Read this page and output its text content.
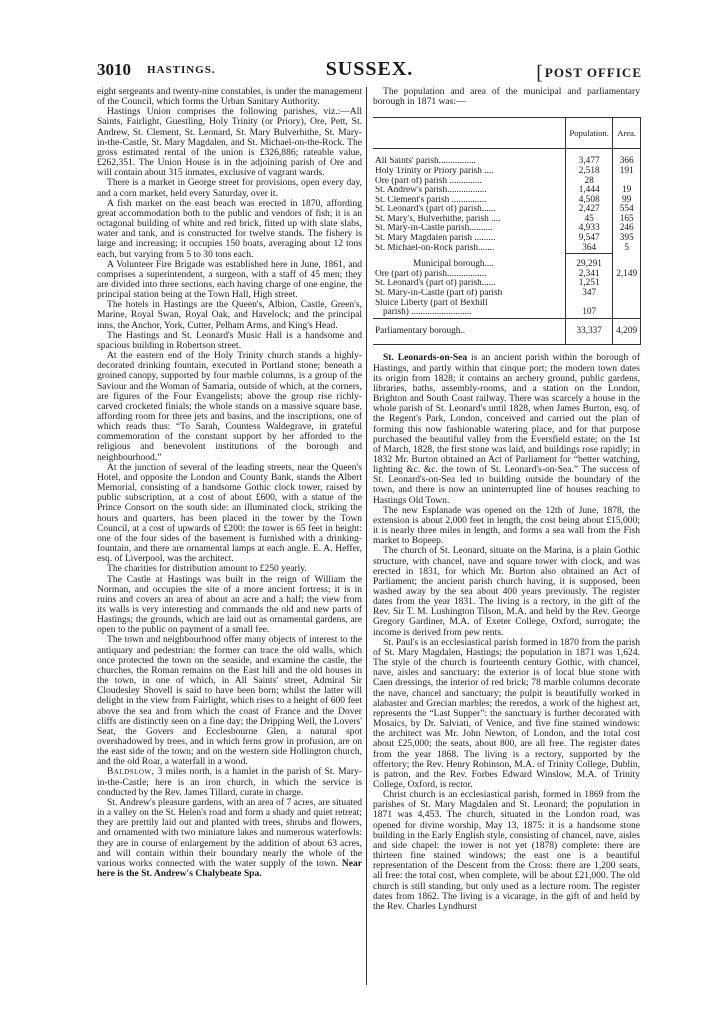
3010 HASTINGS.	SUSSEX.	[POST OFFICE

eight sergeants and twenty-nine constables, is under the management of the Council, which forms the Urban Sanitary Authority.

Hastings Union comprises the following parishes, viz.:—All Saints, Fairlight, Guestling, Holy Trinity (or Priory), Ore, Pett, St. Andrew, St. Clement, St. Leonard, St. Mary Bulverhithe, St. Mary-in-the-Castle, St. Mary Magdalen, and St. Michael-on-the-Rock. The gross estimated rental of the union is £326,886; rateable value, £262,351. The Union House is in the adjoining parish of Ore and will contain about 315 inmates, exclusive of vagrant wards.

There is a market in George street for provisions, open every day, and a corn market, held every Saturday, over it.

A fish market on the east beach was erected in 1870, affording great accommodation both to the public and vendors of fish; it is an octagonal building of white and red brick, fitted up with slate slabs, water and tank, and is constructed for twelve stands. The fishery is large and increasing; it occupies 150 boats, averaging about 12 tons each, but varying from 5 to 30 tons each.

A Volunteer Fire Brigade was established here in June, 1861, and comprises a superintendent, a surgeon, with a staff of 45 men; they are divided into three sections, each having charge of one engine, the principal station being at the Town Hall, High street.

The hotels in Hastings are the Queen's, Albion, Castle, Green's, Marine, Royal Swan, Royal Oak, and Havelock; and the principal inns, the Anchor, York, Cutter, Pelham Arms, and King's Head.

The Hastings and St. Leonard's Music Hall is a handsome and spacious building in Robertson street.

At the eastern end of the Holy Trinity church stands a highly-decorated drinking fountain, executed in Portland stone; beneath a groined canopy, supported by four marble columns, is a group of the Saviour and the Woman of Samaria, outside of which, at the corners, are figures of the Four Evangelists; above the group rise richly-carved crocketed finials; the whole stands on a massive square base, affording room for three jets and basins, and the inscriptions, one of which reads thus: “To Sarah, Countess Waldegrave, in grateful commemoration of the constant support by her afforded to the religious and benevolent institutions of the borough and neighbourhood.”

At the junction of several of the leading streets, near the Queen's Hotel, and opposite the London and County Bank, stands the Albert Memorial, consisting of a handsome Gothic clock tower, raised by public subscription, at a cost of about £600, with a statue of the Prince Consort on the south side: an illuminated clock, striking the hours and quarters, has been placed in the tower by the Town Council, at a cost of upwards of £200: the tower is 65 feet in height: one of the four sides of the basement is furnished with a drinking-fountain, and there are ornamental lamps at each angle. E. A. Heffer, esq. of Liverpool, was the architect.

The charities for distribution amount to £250 yearly.

The Castle at Hastings was built in the reign of William the Norman, and occupies the site of a more ancient fortress; it is in ruins and covers an area of about an acre and a half; the view from its walls is very interesting and commands the old and new parts of Hastings; the grounds, which are laid out as ornamental gardens, are open to the public on payment of a small fee.

The town and neighbourhood offer many objects of interest to the antiquary and pedestrian: the former can trace the old walls, which once protected the town on the seaside, and examine the castle, the churches, the Roman remains on the East hill and the old houses in the town, in one of which, in All Saints' street, Admiral Sir Cloudesley Shovell is said to have been born; whilst the latter will delight in the view from Fairlight, which rises to a height of 600 feet above the sea and from which the coast of France and the Dover cliffs are distinctly seen on a fine day; the Dripping Well, the Lovers' Seat, the Govers and Ecclesbourne Glen, a natural spot overshadowed by trees, and in which ferns grow in profusion, are on the east side of the town; and on the western side Hollington church, and the old Roar, a waterfall in a wood.

Baldslow, 3 miles north, is a hamlet in the parish of St. Mary-in-the-Castle; here is an iron church, in which the service is conducted by the Rev. James Tillard, curate in charge.

St. Andrew's pleasure gardens, with an area of 7 acres, are situated in a valley on the St. Helen's road and form a shady and quiet retreat; they are prettily laid out and planted with trees, shrubs and flowers, and ornamented with two miniature lakes and numerous waterfowls: they are in course of enlargement by the addition of about 63 acres, and will contain within their boundary nearly the whole of the various works connected with the water supply of the town. Near here is the St. Andrew's Chalybeate Spa.

The population and area of the municipal and parliamentary borough in 1871 was:—

	Population.	Area.

All Saints' parish................	3,477	366
Holy Trinity or Priory parish ....	2,518	191
Ore (part of) parish ..............	28	
St. Andrew's parish.................	1,444	19
St. Clement's parish ...............	4,508	99
St. Leonard's (part of) parish......	2,427	554
St. Mary's, Bulverhithe, parish ....	45	165
St. Mary-in-Castle parish..........	4,933	246
St. Mary Magdalen parish .........	9,547	395
St. Michael-on-Rock parish.......	364	5
Municipal borough....	29,291	
Ore (part of) parish.................	2,341	2,149
St. Leonard's (part of) parish......	1,251	
St. Mary-in-Castle (part of) parish	347	
Sluice Liberty (part of Bexhill		
parish) ..........................	107	
Parliamentary borough..	33,337	4,209

St. Leonards-on-Sea is an ancient parish within the borough of Hastings, and partly within that cinque port; the modern town dates its origin from 1828; it contains an archery ground, public gardens, libraries, baths, assembly-rooms, and a station on the London, Brighton and South Coast railway. There was scarcely a house in the whole parish of St. Leonard's until 1828, when James Burton, esq. of the Regent's Park, London, conceived and carried out the plan of forming this now fashionable watering place, and for that purpose purchased the beautiful valley from the Eversfield estate; on the 1st of March, 1828, the first stone was laid, and buildings rose rapidly; in 1832 Mr. Burton obtained an Act of Parliament for “better watching, lighting &c. &c. the town of St. Leonard's-on-Sea.” The success of St. Leonard's-on-Sea led to building outside the boundary of the town, and there is now an uninterrupted line of houses reaching to Hastings Old Town.

The new Esplanade was opened on the 12th of June, 1878, the extension is about 2,000 feet in length, the cost being about £15,000; it is nearly three miles in length, and forms a sea wall from the Fish market to Bopeep.

The church of St. Leonard, situate on the Marina, is a plain Gothic structure, with chancel, nave and square tower with clock, and was erected in 1831, for which Mr. Burton also obtained an Act of Parliament; the ancient parish church having, it is supposed, been washed away by the sea about 400 years previously. The register dates from the year 1831. The living is a rectory, in the gift of the Rev. Sir T. M. Lushington Tilson, M.A. and held by the Rev. George Gregory Gardiner, M.A. of Exeter College, Oxford, surrogate; the income is derived from pew rents.

St. Paul's is an ecclesiastical parish formed in 1870 from the parish of St. Mary Magdalen, Hastings; the population in 1871 was 1,624. The style of the church is fourteenth century Gothic, with chancel, nave, aisles and sanctuary: the exterior is of local blue stone with Caen dressings, the interior of red brick; 78 marble columns decorate the nave, chancel and sanctuary; the pulpit is beautifully worked in alabaster and Grecian marbles; the reredos, a work of the highest art, represents the “Last Supper”: the sanctuary is further decorated with Mosaics, by Dr. Salviati, of Venice, and five fine stained windows: the architect was Mr. John Newton, of London, and the total cost about £25,000; the seats, about 800, are all free. The register dates from the year 1868. The living is a rectory, supported by the offertory; the Rev. Henry Robinson, M.A. of Trinity College, Dublin, is patron, and the Rev. Forbes Edward Winslow, M.A. of Trinity College, Oxford, is rector.

Christ church is an ecclesiastical parish, formed in 1869 from the parishes of St. Mary Magdalen and St. Leonard; the population in 1871 was 4,453. The church, situated in the London road, was opened for divine worship, May 13, 1875: it is a handsome stone building in the Early English style, consisting of chancel, nave, aisles and side chapel: the tower is not yet (1878) complete: there are thirteen fine stained windows; the east one is a beautiful representation of the Descent from the Cross: there are 1,200 seats, all free: the total cost, when complete, will be about £21,000. The old church is still standing, but only used as a lecture room. The register dates from 1862. The living is a vicarage, in the gift of and held by the Rev. Charles Lyndhurst
